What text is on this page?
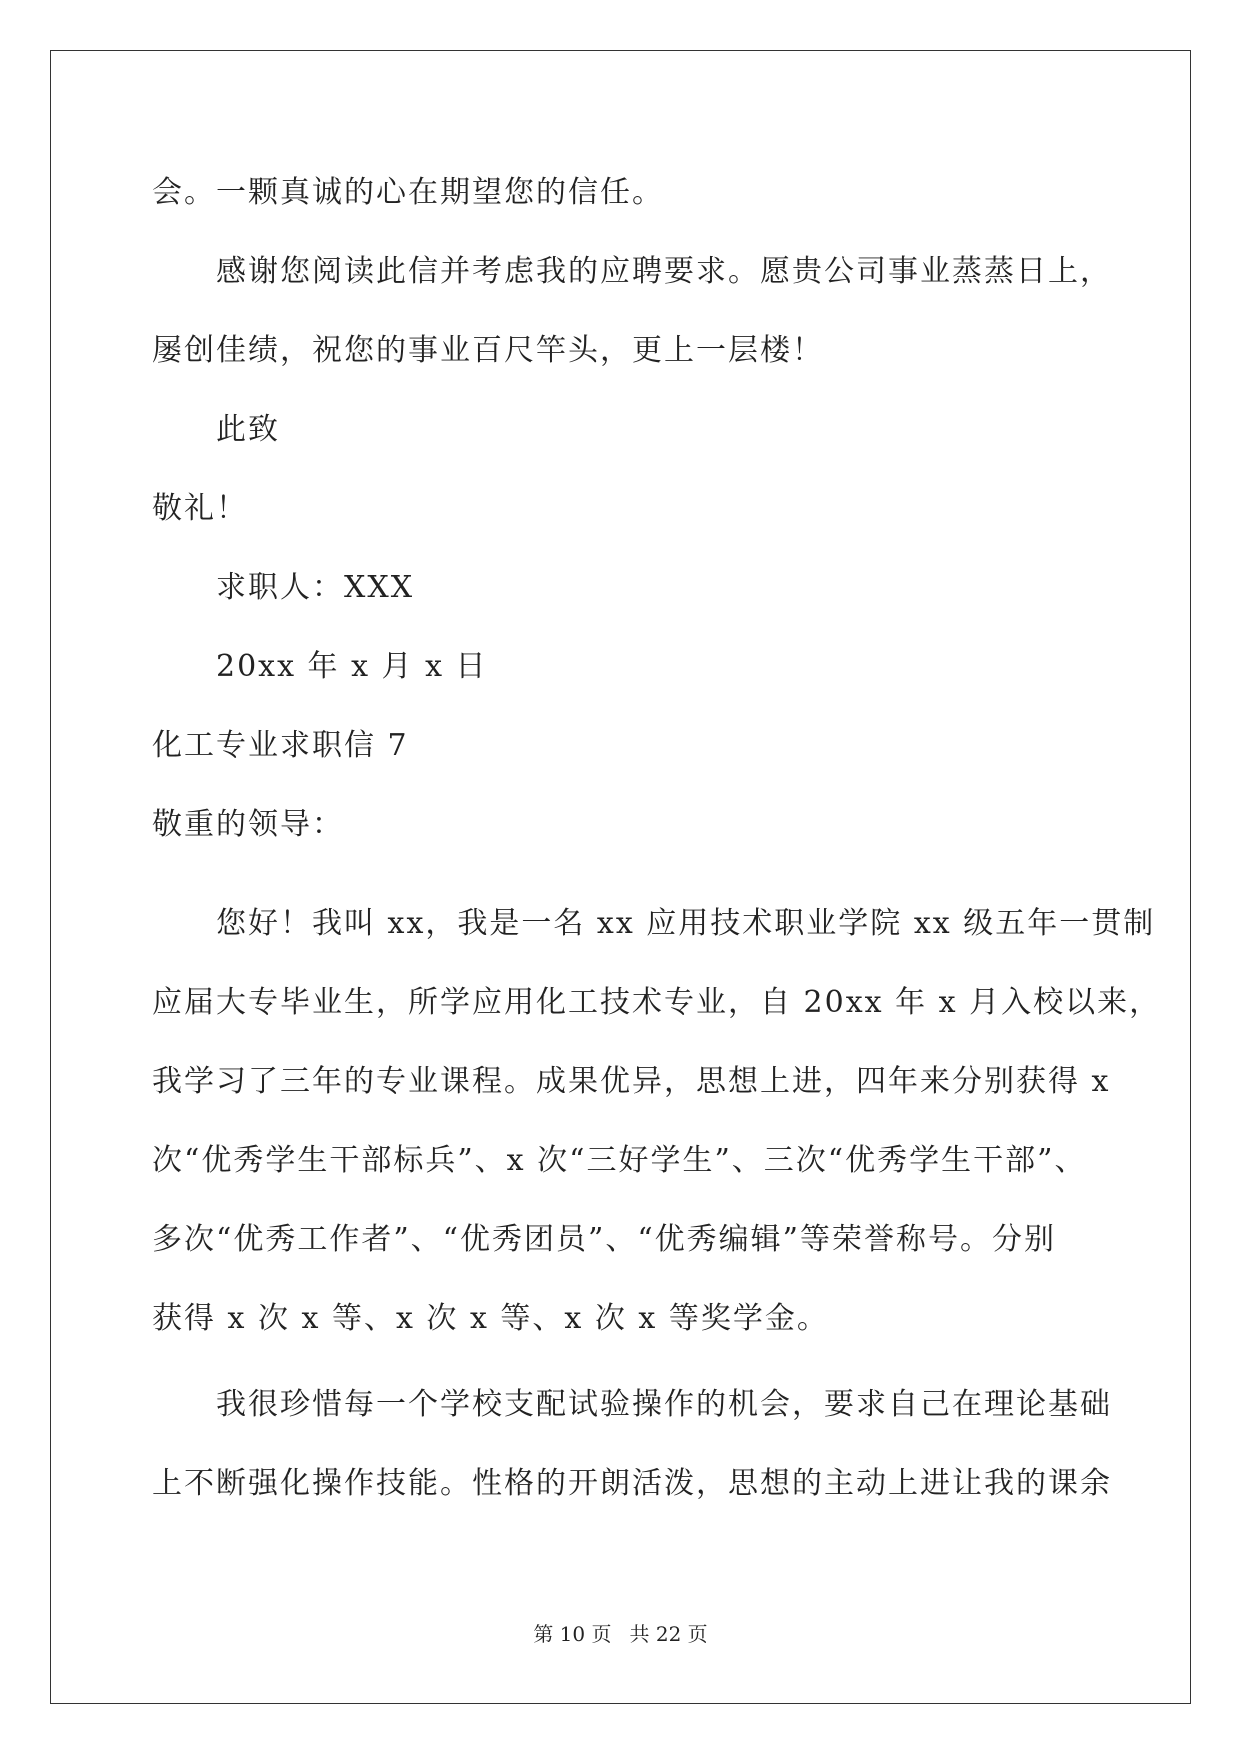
会。一颗真诚的心在期望您的信任。
感谢您阅读此信并考虑我的应聘要求。愿贵公司事业蒸蒸日上，
屡创佳绩，祝您的事业百尺竿头，更上一层楼！
此致
敬礼！
求职人：XXX
20xx 年 x 月 x 日
化工专业求职信 7
敬重的领导：
您好！我叫 xx，我是一名 xx 应用技术职业学院 xx 级五年一贯制
应届大专毕业生，所学应用化工技术专业，自 20xx 年 x 月入校以来，
我学习了三年的专业课程。成果优异，思想上进，四年来分别获得 x
次“优秀学生干部标兵”、x 次“三好学生”、三次“优秀学生干部”、
多次“优秀工作者”、“优秀团员”、“优秀编辑”等荣誉称号。分别
获得 x 次 x 等、x 次 x 等、x 次 x 等奖学金。
我很珍惜每一个学校支配试验操作的机会，要求自己在理论基础
上不断强化操作技能。性格的开朗活泼，思想的主动上进让我的课余
第 10 页 共 22 页
